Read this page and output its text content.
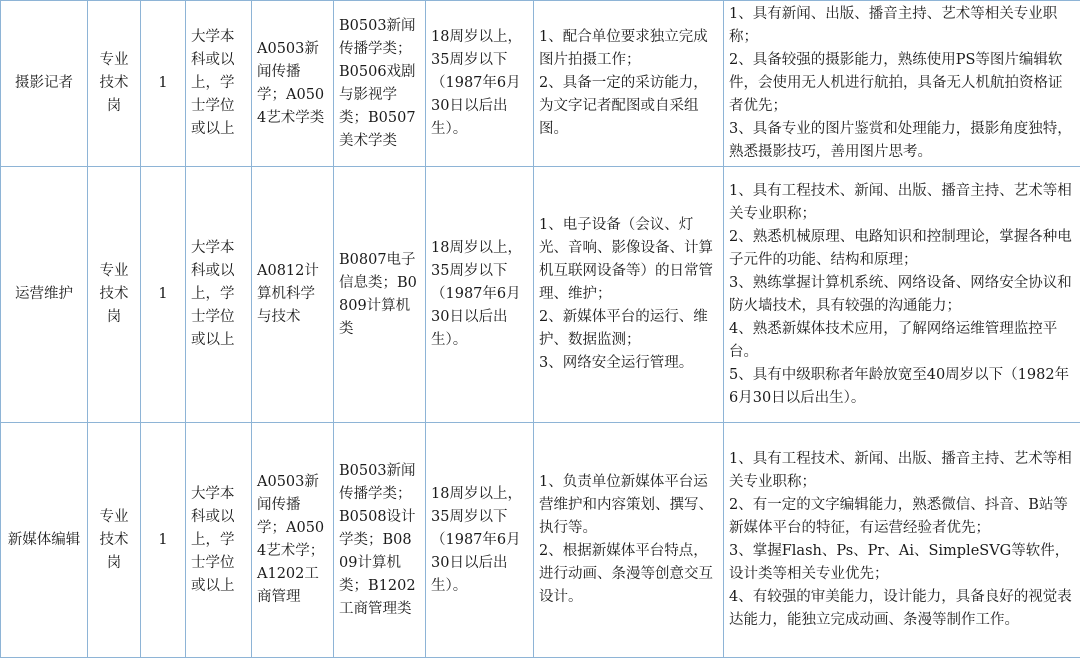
摄影记者	专业技术岗	1	大学本科或以上，学士学位或以上	A0503新闻传播学；A0504艺术学类	B0503新闻传播学类；B0506戏剧与影视学类；B0507美术学类	18周岁以上，35周岁以下（1987年6月30日以后出生）。	1、配合单位要求独立完成图片拍摄工作；
2、具备一定的采访能力，为文字记者配图或自采组图。	1、具有新闻、出版、播音主持、艺术等相关专业职称；
2、具备较强的摄影能力，熟练使用PS等图片编辑软件，会使用无人机进行航拍，具备无人机航拍资格证者优先；
3、具备专业的图片鉴赏和处理能力，摄影角度独特，熟悉摄影技巧，善用图片思考。

运营维护	专业技术岗	1	大学本科或以上，学士学位或以上	A0812计算机科学与技术	B0807电子信息类；B0809计算机类	18周岁以上，35周岁以下（1987年6月30日以后出生）。	1、电子设备（会议、灯光、音响、影像设备、计算机互联网设备等）的日常管理、维护；
2、新媒体平台的运行、维护、数据监测；
3、网络安全运行管理。	1、具有工程技术、新闻、出版、播音主持、艺术等相关专业职称；
2、熟悉机械原理、电路知识和控制理论，掌握各种电子元件的功能、结构和原理；
3、熟练掌握计算机系统、网络设备、网络安全协议和防火墙技术，具有较强的沟通能力；
4、熟悉新媒体技术应用，了解网络运维管理监控平台。
5、具有中级职称者年龄放宽至40周岁以下（1982年6月30日以后出生）。

新媒体编辑	专业技术岗	1	大学本科或以上，学士学位或以上	A0503新闻传播学；A0504艺术学；A1202工商管理	B0503新闻传播学类；B0508设计学类；B0809计算机类；B1202工商管理类	18周岁以上，35周岁以下（1987年6月30日以后出生）。	1、负责单位新媒体平台运营维护和内容策划、撰写、执行等。
2、根据新媒体平台特点，进行动画、条漫等创意交互设计。	1、具有工程技术、新闻、出版、播音主持、艺术等相关专业职称；
2、有一定的文字编辑能力，熟悉微信、抖音、B站等新媒体平台的特征，有运营经验者优先；
3、掌握Flash、Ps、Pr、Ai、SimpleSVG等软件，设计类等相关专业优先；
4、有较强的审美能力，设计能力，具备良好的视觉表达能力，能独立完成动画、条漫等制作工作。
